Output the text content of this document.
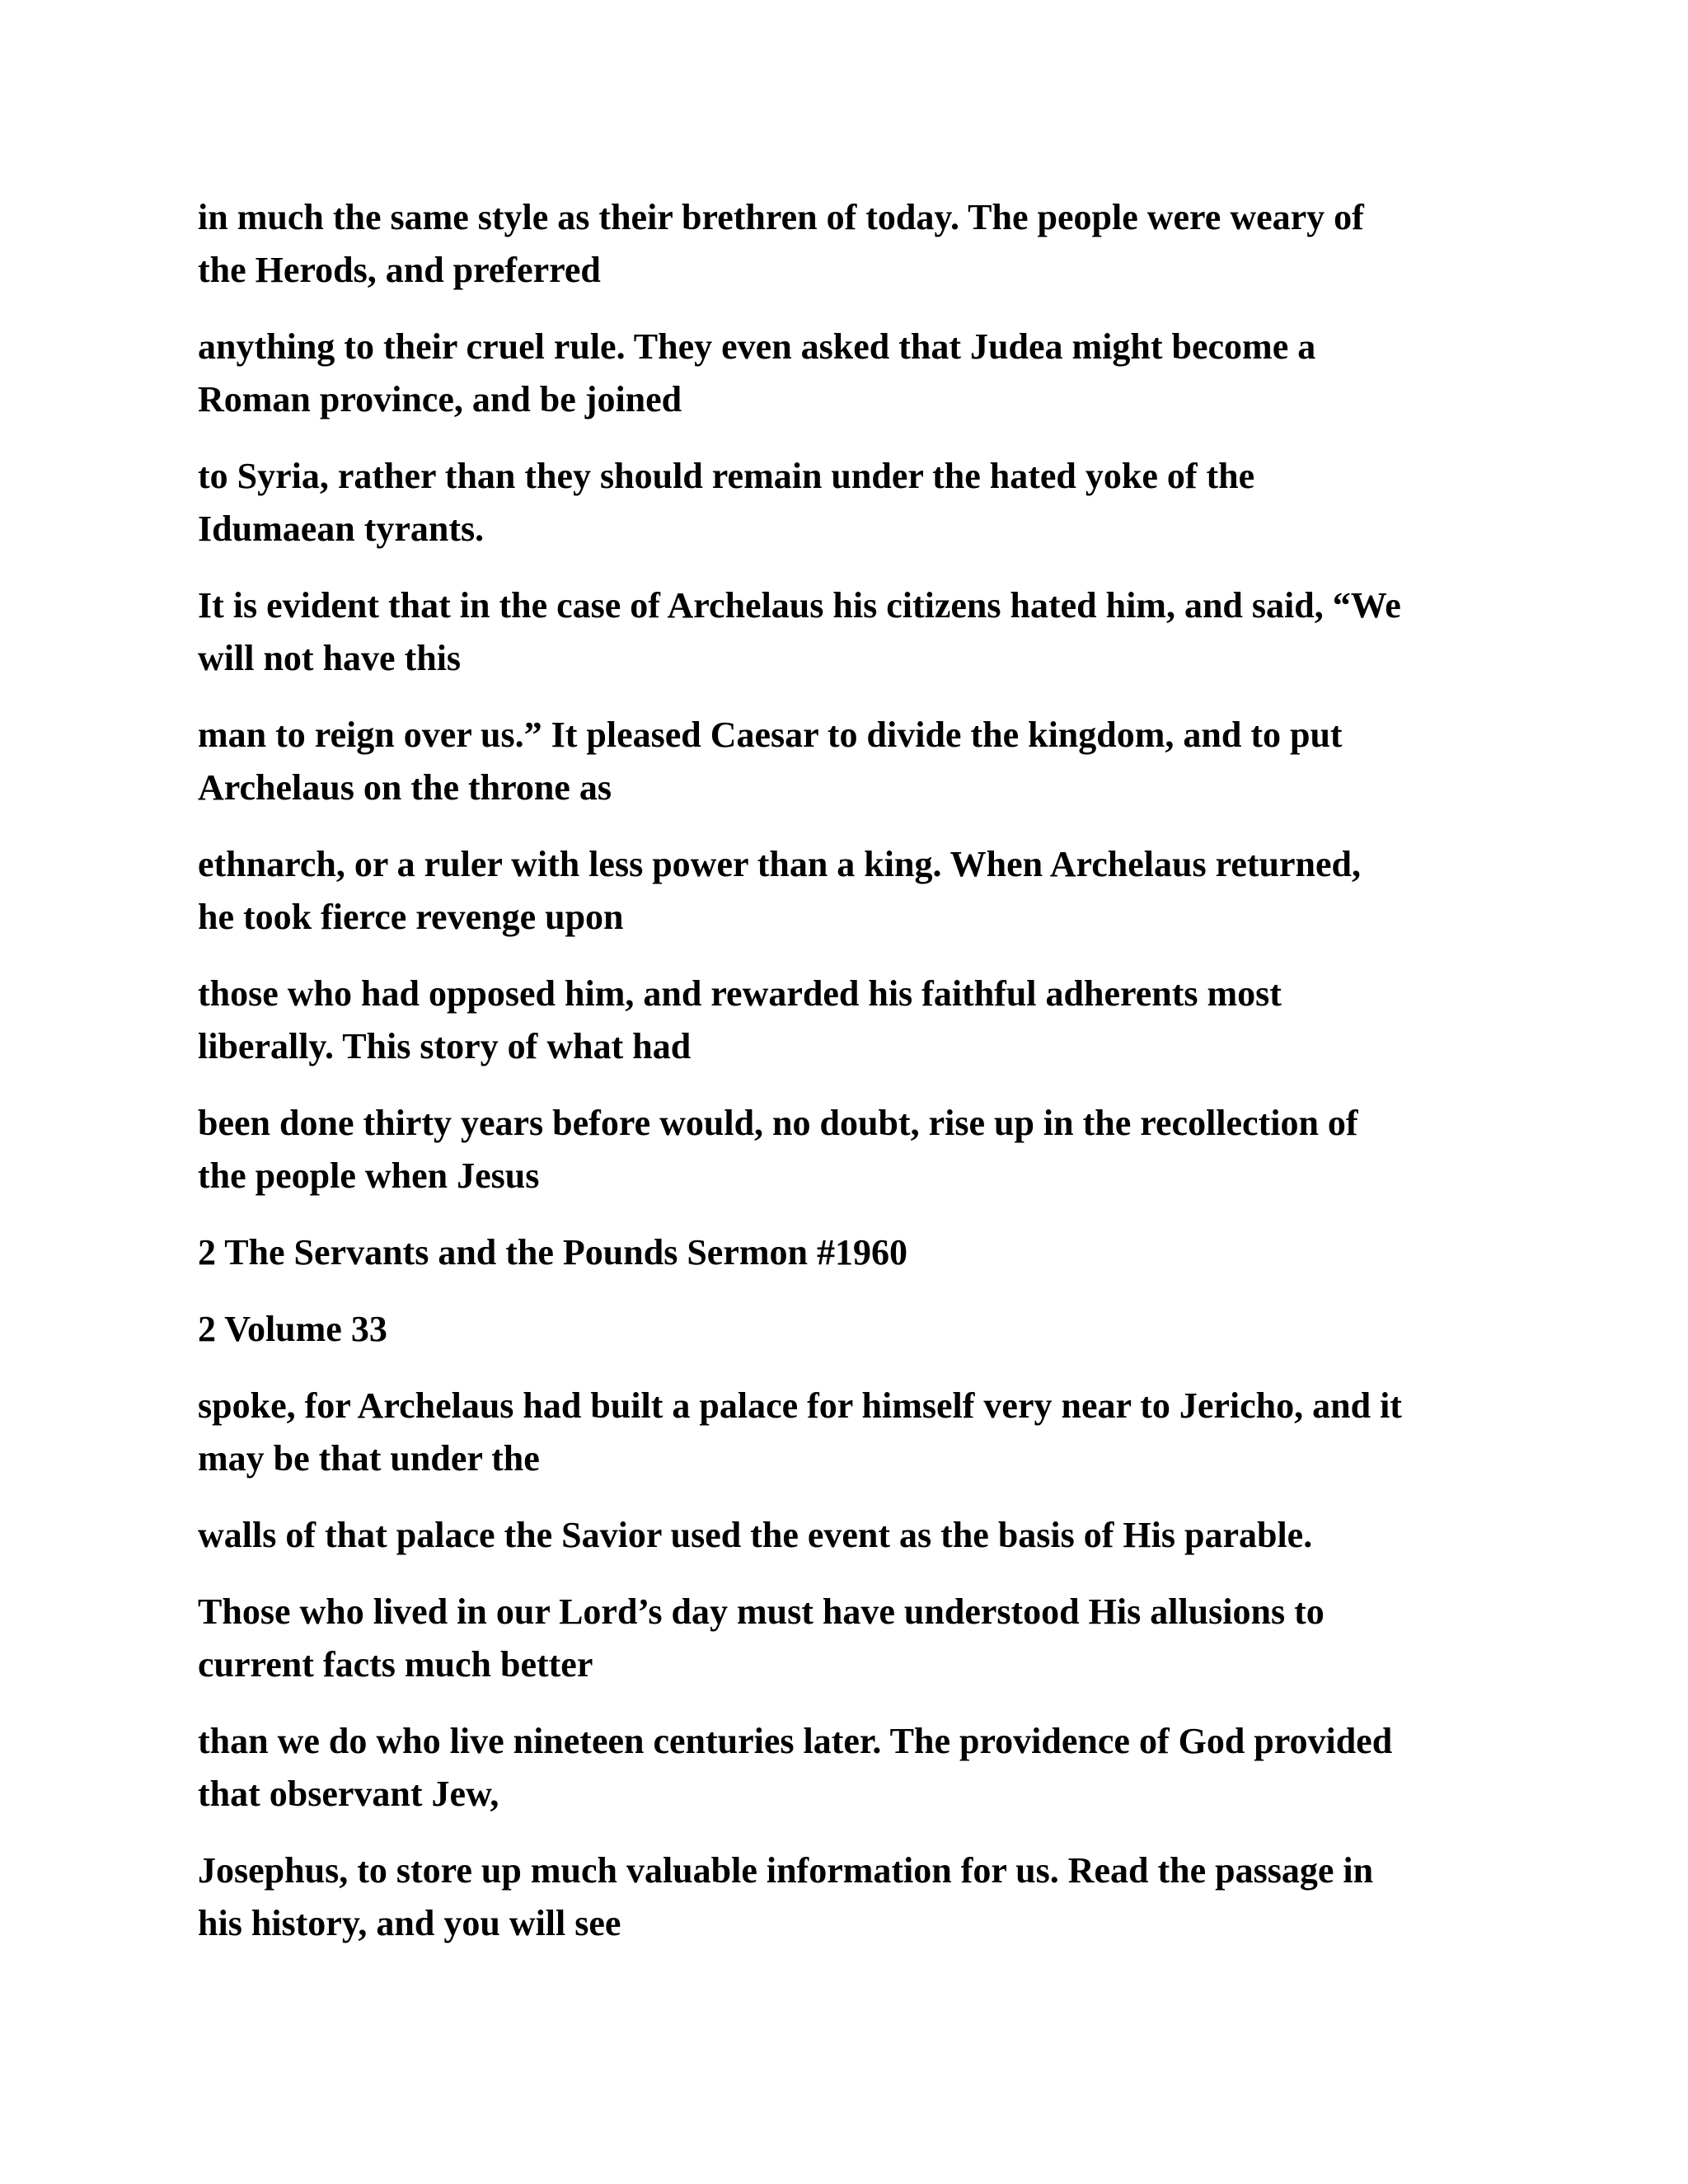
in much the same style as their brethren of today. The people were weary of
the Herods, and preferred

anything to their cruel rule. They even asked that Judea might become a
Roman province, and be joined

to Syria, rather than they should remain under the hated yoke of the
Idumaean tyrants.

It is evident that in the case of Archelaus his citizens hated him, and said, “We
will not have this

man to reign over us.” It pleased Caesar to divide the kingdom, and to put
Archelaus on the throne as

ethnarch, or a ruler with less power than a king. When Archelaus returned,
he took fierce revenge upon

those who had opposed him, and rewarded his faithful adherents most
liberally. This story of what had

been done thirty years before would, no doubt, rise up in the recollection of
the people when Jesus

2 The Servants and the Pounds Sermon #1960

2 Volume 33

spoke, for Archelaus had built a palace for himself very near to Jericho, and it
may be that under the

walls of that palace the Savior used the event as the basis of His parable.

Those who lived in our Lord’s day must have understood His allusions to
current facts much better

than we do who live nineteen centuries later. The providence of God provided
that observant Jew,

Josephus, to store up much valuable information for us. Read the passage in
his history, and you will see
